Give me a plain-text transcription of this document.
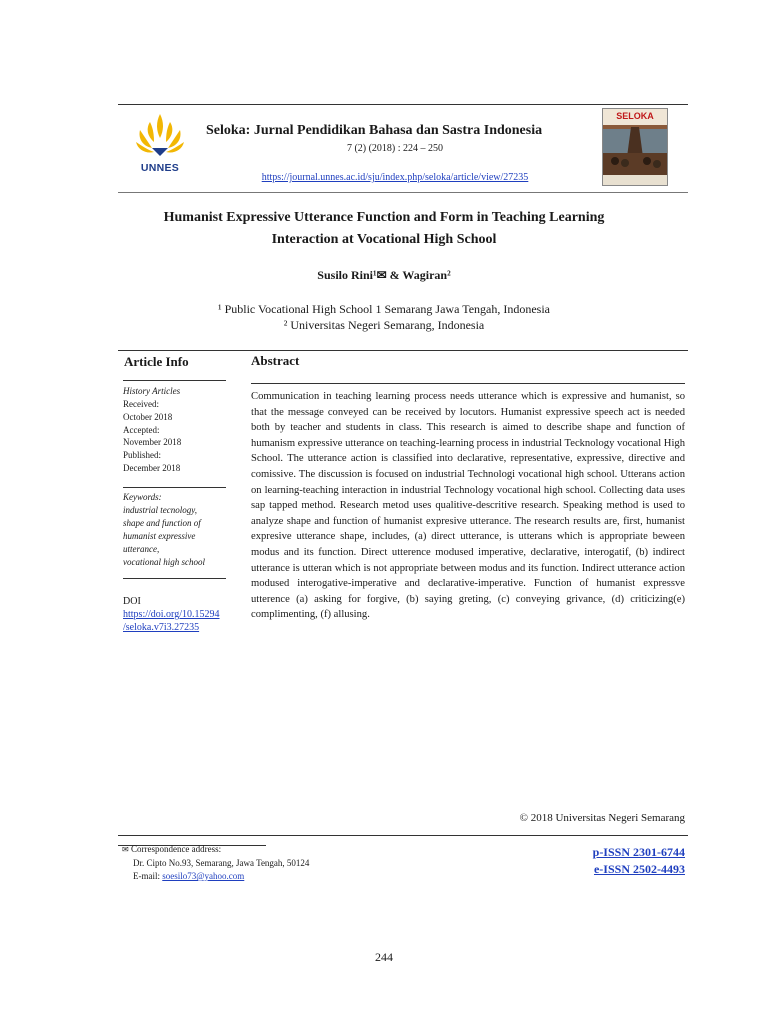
UNNES
Seloka: Jurnal Pendidikan Bahasa dan Sastra Indonesia
7 (2) (2018) : 224 – 250
https://journal.unnes.ac.id/sju/index.php/seloka/article/view/27235
SELOKA
Humanist Expressive Utterance Function and Form in Teaching Learning
Interaction at Vocational High School
Susilo Rini¹✉ & Wagiran²
¹ Public Vocational High School 1 Semarang Jawa Tengah, Indonesia
² Universitas Negeri Semarang, Indonesia
Article Info
History Articles
Received:
October 2018
Accepted:
November 2018
Published:
December 2018
Keywords:
industrial tecnology,
shape and function of
humanist expressive
utterance,
vocational high school
DOI
https://doi.org/10.15294
/seloka.v7i3.27235
Abstract
Communication in teaching learning process needs utterance which is expressive and humanist, so that the message conveyed can be received by locutors. Humanist expressive speech act is needed both by teacher and students in class. This research is aimed to describe shape and function of humanism expressive utterance on teaching-learning process in industrial Tecknology vocational High School. The utterance action is classified into declarative, representative, expressive, directive and comissive. The discussion is focused on industrial Technologi vocational high school. Utterans action on learning-teaching interaction in industrial Technology vocational high school. Collecting data uses sap tapped method. Research metod uses qualitive-descritive research. Speaking method is used to analyze shape and function of humanist expresive utterance. The research results are, first, humanist expresive utterance shape, includes, (a) direct utterance, is utterans which is appropriate beween modus and its function. Direct utterence modused imperative, declarative, interogatif, (b) indirect utterance is utteran which is not appropriate between modus and its function. Indirect utterance action modused interogative-imperative and declarative-imperative. Function of humanist expressve utterence (a) asking for forgive, (b) saying greting, (c) conveying grivance, (d) criticizing(e) complimenting, (f) allusing.
© 2018 Universitas Negeri Semarang
✉ Correspondence address:
Dr. Cipto No.93, Semarang, Jawa Tengah, 50124
E-mail: soesilo73@yahoo.com
p-ISSN 2301-6744
e-ISSN 2502-4493
244
